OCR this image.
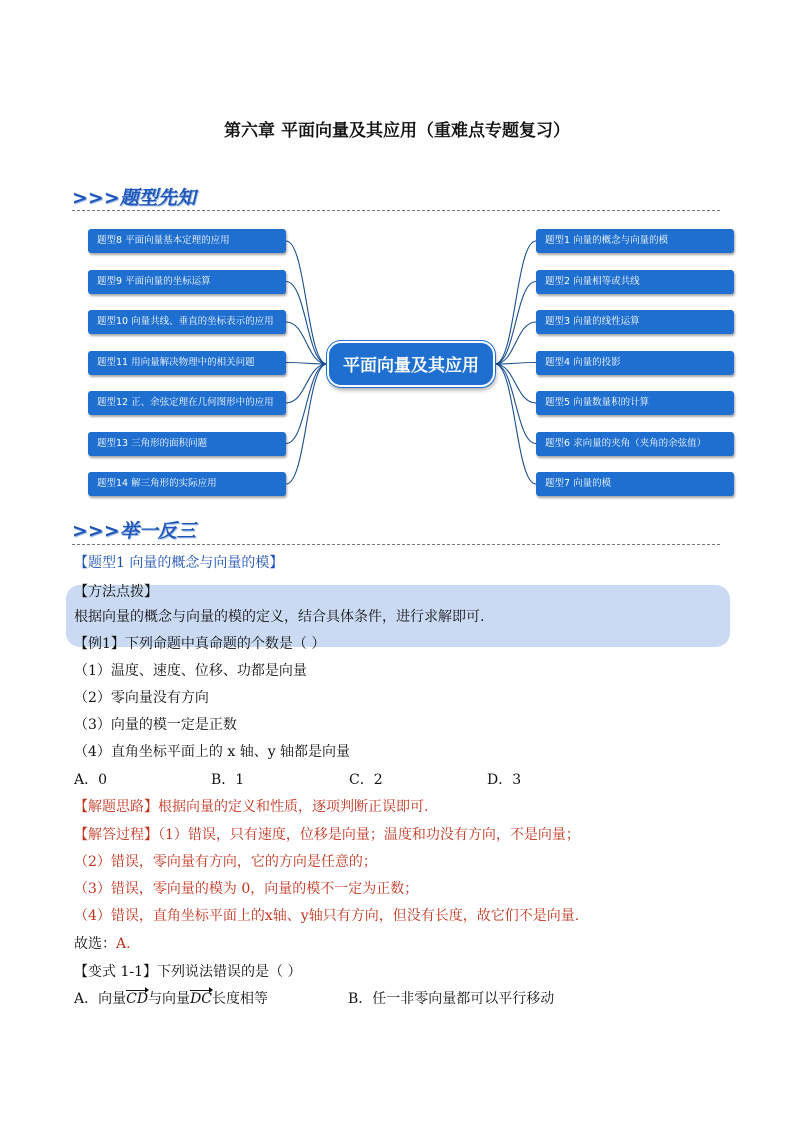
第六章 平面向量及其应用（重难点专题复习）
>>>题型先知
题型8 平面向量基本定理的应用
题型9 平面向量的坐标运算
题型10 向量共线、垂直的坐标表示的应用
题型11 用向量解决物理中的相关问题
题型12 正、余弦定理在几何图形中的应用
题型13 三角形的面积问题
题型14 解三角形的实际应用
题型1 向量的概念与向量的模
题型2 向量相等或共线
题型3 向量的线性运算
题型4 向量的投影
题型5 向量数量积的计算
题型6 求向量的夹角（夹角的余弦值）
题型7 向量的模
平面向量及其应用
>>>举一反三
【题型1 向量的概念与向量的模】
【方法点拨】
根据向量的概念与向量的模的定义，结合具体条件，进行求解即可.
【例1】下列命题中真命题的个数是（ ）
（1）温度、速度、位移、功都是向量
（2）零向量没有方向
（3）向量的模一定是正数
（4）直角坐标平面上的 x 轴、y 轴都是向量
A．0	B．1	C．2	D．3
【解题思路】根据向量的定义和性质，逐项判断正误即可.
【解答过程】（1）错误，只有速度，位移是向量；温度和功没有方向，不是向量；
（2）错误，零向量有方向，它的方向是任意的；
（3）错误，零向量的模为 0，向量的模不一定为正数；
（4）错误，直角坐标平面上的x轴、y轴只有方向，但没有长度，故它们不是向量.
故选：A.
【变式 1-1】下列说法错误的是（ ）
A．向量CD与向量DC长度相等	B．任一非零向量都可以平行移动
